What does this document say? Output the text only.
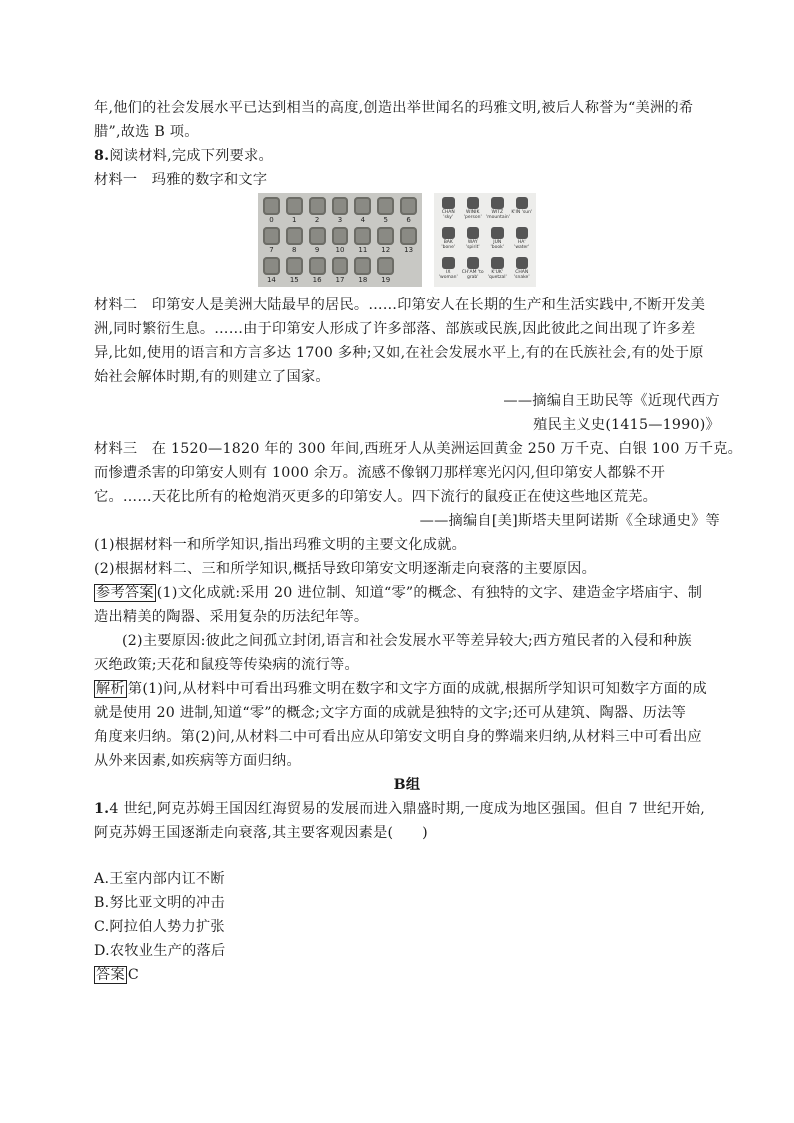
年,他们的社会发展水平已达到相当的高度,创造出举世闻名的玛雅文明,被后人称誉为“美洲的希
腊”,故选 B 项。
8.阅读材料,完成下列要求。
材料一　玛雅的数字和文字
0	1	2	3	4	5	6
7	8	9	10	11	12	13
14	15	16	17	18	19
CHAN 'sky'
WINIK 'person'
WITZ 'mountain'
K'IN 'sun'
BAK 'bone'
WAY 'spirit'
JUN 'book'
HA' 'water'
IX 'woman'
CH'AM 'to grab'
K'UK' 'quetzal'
CHAN 'snake'
材料二　印第安人是美洲大陆最早的居民。……印第安人在长期的生产和生活实践中,不断开发美
洲,同时繁衍生息。……由于印第安人形成了许多部落、部族或民族,因此彼此之间出现了许多差
异,比如,使用的语言和方言多达 1700 多种;又如,在社会发展水平上,有的在氏族社会,有的处于原
始社会解体时期,有的则建立了国家。
——摘编自王助民等《近现代西方
殖民主义史(1415—1990)》
材料三　在 1520—1820 年的 300 年间,西班牙人从美洲运回黄金 250 万千克、白银 100 万千克。
而惨遭杀害的印第安人则有 1000 余万。流感不像钢刀那样寒光闪闪,但印第安人都躲不开
它。……天花比所有的枪炮消灭更多的印第安人。四下流行的鼠疫正在使这些地区荒芜。
——摘编自[美]斯塔夫里阿诺斯《全球通史》等
(1)根据材料一和所学知识,指出玛雅文明的主要文化成就。
(2)根据材料二、三和所学知识,概括导致印第安文明逐渐走向衰落的主要原因。
参考答案 (1)文化成就:采用 20 进位制、知道“零”的概念、有独特的文字、建造金字塔庙宇、制
造出精美的陶器、采用复杂的历法纪年等。
(2)主要原因:彼此之间孤立封闭,语言和社会发展水平等差异较大;西方殖民者的入侵和种族
灭绝政策;天花和鼠疫等传染病的流行等。
解析 第(1)问,从材料中可看出玛雅文明在数字和文字方面的成就,根据所学知识可知数字方面的成
就是使用 20 进制,知道“零”的概念;文字方面的成就是独特的文字;还可从建筑、陶器、历法等
角度来归纳。第(2)问,从材料二中可看出应从印第安文明自身的弊端来归纳,从材料三中可看出应
从外来因素,如疾病等方面归纳。
B组
1.4 世纪,阿克苏姆王国因红海贸易的发展而进入鼎盛时期,一度成为地区强国。但自 7 世纪开始,
阿克苏姆王国逐渐走向衰落,其主要客观因素是(　　)
A.王室内部内讧不断
B.努比亚文明的冲击
C.阿拉伯人势力扩张
D.农牧业生产的落后
答案 C
